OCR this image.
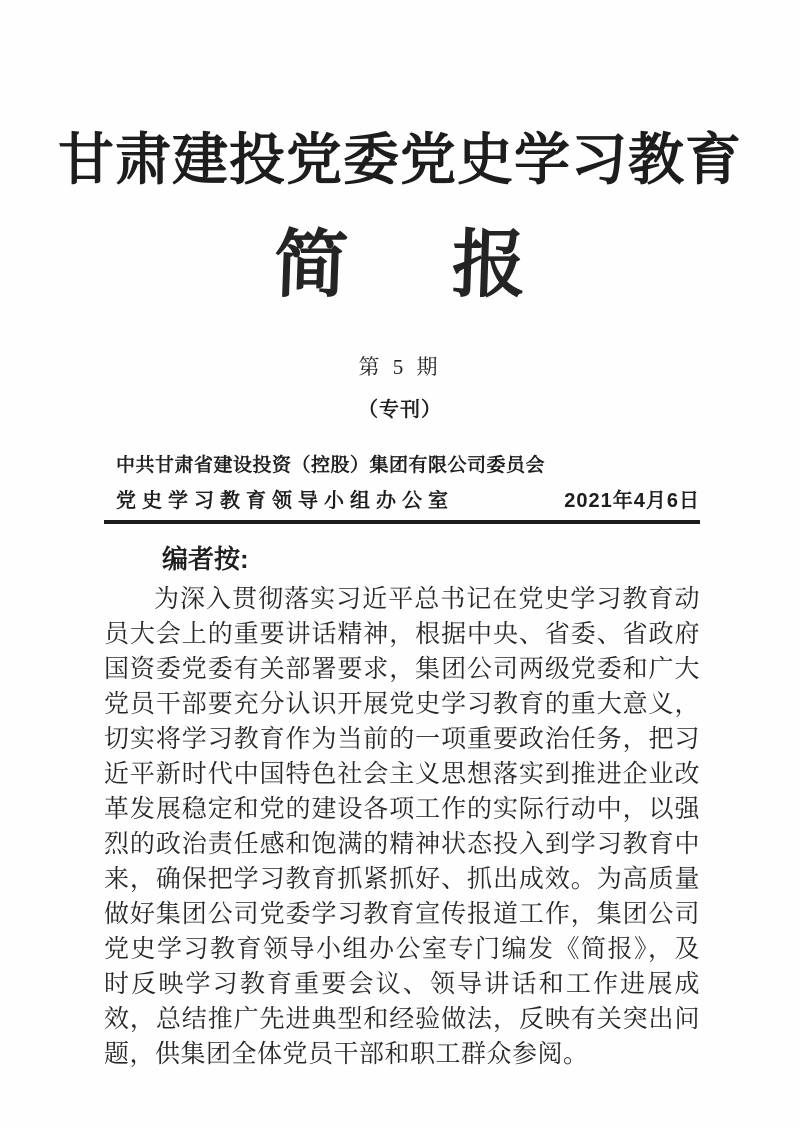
甘肃建投党委党史学习教育
简 报
第 5 期
（专刊）
中共甘肃省建设投资（控股）集团有限公司委员会
党史学习教育领导小组办公室	2021年4月6日
编者按:

为深入贯彻落实习近平总书记在党史学习教育动员大会上的重要讲话精神，根据中央、省委、省政府国资委党委有关部署要求，集团公司两级党委和广大党员干部要充分认识开展党史学习教育的重大意义，切实将学习教育作为当前的一项重要政治任务，把习近平新时代中国特色社会主义思想落实到推进企业改革发展稳定和党的建设各项工作的实际行动中，以强烈的政治责任感和饱满的精神状态投入到学习教育中来，确保把学习教育抓紧抓好、抓出成效。为高质量做好集团公司党委学习教育宣传报道工作，集团公司党史学习教育领导小组办公室专门编发《简报》，及时反映学习教育重要会议、领导讲话和工作进展成效，总结推广先进典型和经验做法，反映有关突出问题，供集团全体党员干部和职工群众参阅。
